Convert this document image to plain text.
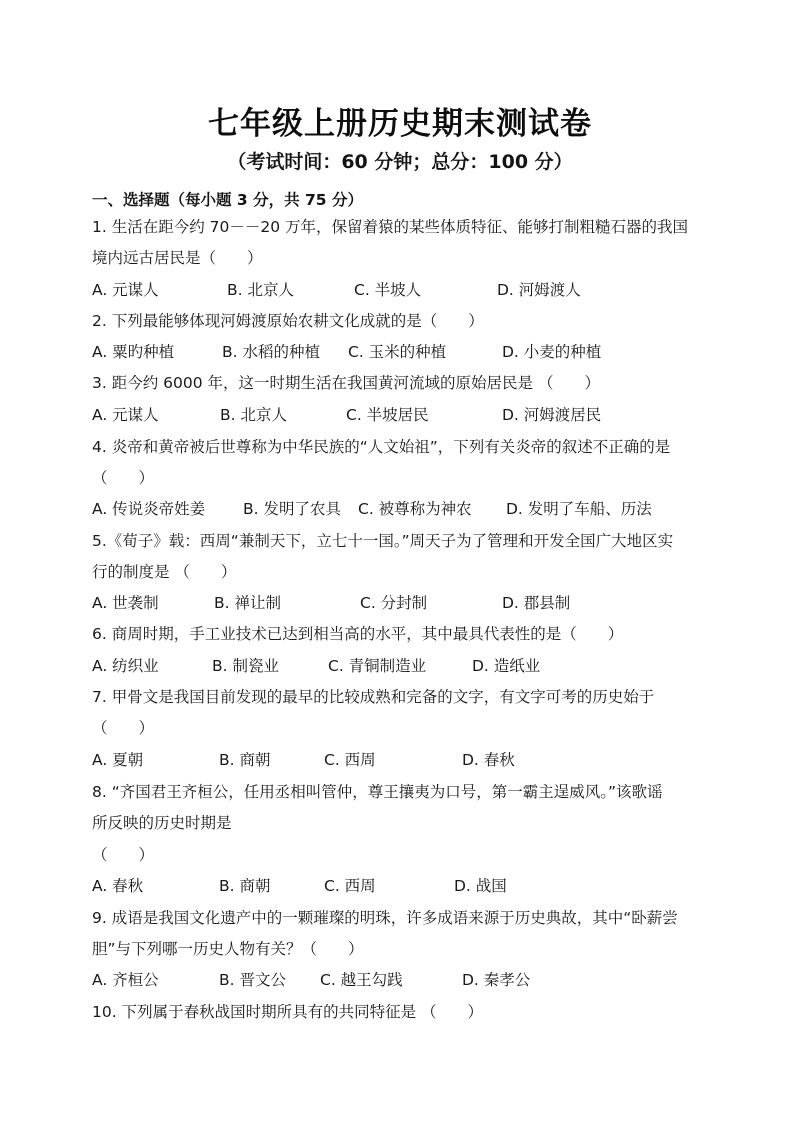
七年级上册历史期末测试卷
（考试时间：60 分钟；总分：100 分）
一、选择题（每小题 3 分，共 75 分）
1. 生活在距今约 70－－20 万年，保留着猿的某些体质特征、能够打制粗糙石器的我国
境内远古居民是（　　）
A. 元谋人	B. 北京人	C. 半坡人	D. 河姆渡人
2. 下列最能够体现河姆渡原始农耕文化成就的是（　　）
A. 粟旳种植	B. 水稻的种植 C. 玉米的种植	D. 小麦的种植
3. 距今约 6000 年，这一时期生活在我国黄河流域的原始居民是 （　　）
A. 元谋人	B. 北京人	C. 半坡居民	D. 河姆渡居民
4. 炎帝和黄帝被后世尊称为中华民族的“人文始祖”，下列有关炎帝的叙述不正确的是
（　　）
A. 传说炎帝姓姜 B. 发明了农具 C. 被尊称为神农 D. 发明了车船、历法
5.《荀子》载：西周“兼制天下，立七十一国。”周天子为了管理和开发全国广大地区实
行的制度是 （　　）
A. 世袭制	B. 禅让制	C. 分封制	D. 郡县制
6. 商周时期，手工业技术已达到相当高的水平，其中最具代表性的是（　　）
A. 纺织业	B. 制瓷业	C. 青铜制造业	D. 造纸业
7. 甲骨文是我国目前发现的最早的比较成熟和完备的文字，有文字可考的历史始于
（　　）
A. 夏朝	B. 商朝	C. 西周	D. 春秋
8. “齐国君王齐桓公，任用丞相叫管仲，尊王攘夷为口号，第一霸主逞威风。”该歌谣
所反映的历史时期是
（　　）
A. 春秋	B. 商朝	C. 西周	D. 战国
9. 成语是我国文化遗产中的一颗璀璨的明珠，许多成语来源于历史典故，其中“卧薪尝
胆”与下列哪一历史人物有关？（　　）
A. 齐桓公	B. 晋文公 C. 越王勾践	D. 秦孝公
10. 下列属于春秋战国时期所具有的共同特征是 （　　）
